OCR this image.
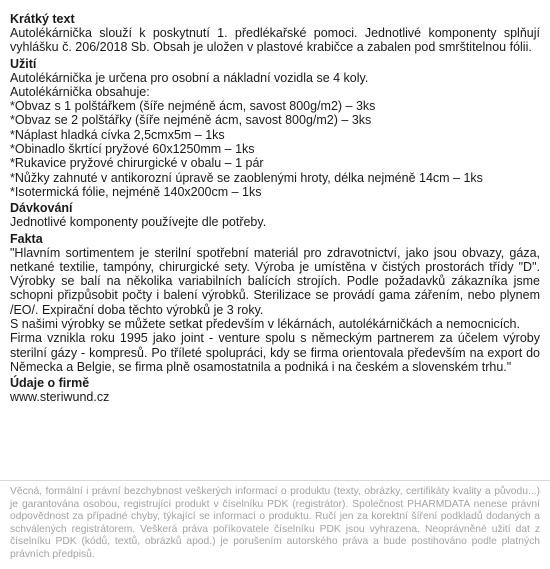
Krátký text

Autolékárnička slouží k poskytnutí 1. předlékařské pomoci. Jednotlivé komponenty splňují vyhlášku č. 206/2018 Sb. Obsah je uložen v plastové krabičce a zabalen pod smrštitelnou fólii.

Užití

Autolékárnička je určena pro osobní a nákladní vozidla se 4 koly.

Autolékárnička obsahuje:

*Obvaz s 1 polštářkem (šíře nejméně ácm, savost 800g/m2) – 3ks

*Obvaz se 2 polštářky (šíře nejméně ácm, savost 800g/m2) – 3ks

*Náplast hladká cívka 2,5cmx5m – 1ks

*Obinadlo škrtící pryžové 60x1250mm – 1ks

*Rukavice pryžové chirurgické v obalu – 1 pár

*Nůžky zahnuté v antikorozní úpravě se zaoblenými hroty, délka nejméně 14cm – 1ks

*Isotermická fólie, nejméně 140x200cm – 1ks

Dávkování

Jednotlivé komponenty používejte dle potřeby.

Fakta

"Hlavním sortimentem je sterilní spotřební materiál pro zdravotnictví, jako jsou obvazy, gáza, netkané textilie, tampóny, chirurgické sety. Výroba je umístěna v čistých prostorách třídy "D". Výrobky se balí na několika variabilních balících strojích. Podle požadavků zákazníka jsme schopni přizpůsobit počty i balení výrobků. Sterilizace se provádí gama zářením, nebo plynem /EO/. Expirační doba těchto výrobků je 3 roky.

S našimi výrobky se můžete setkat především v lékárnách, autolékárničkách a nemocnicích.

Firma vznikla roku 1995 jako joint - venture spolu s německým partnerem za účelem výroby sterilní gázy - kompresů. Po tříleté spolupráci, kdy se firma orientovala především na export do Německa a Belgie, se firma plně osamostatnila a podniká i na českém a slovenském trhu."

Údaje o firmě

www.steriwund.cz

Věcná, formální i právní bezchybnost veškerých informací o produktu (texty, obrázky, certifikáty kvality a původu...) je garantována osobou, registrující produkt v číselníku PDK (registrátor). Společnost PHARMDATA nenese právní odpovědnost za případné chyby, týkající se informací o produktu. Ručí jen za korektní šíření podkladů dodaných a schválených registrátorem. Veškerá práva poříkovatele číselníku PDK jsou vyhrazena. Neoprávněné užití dat z číselníku PDK (kódů, textů, obrázků apod.) je porušením autorského práva a bude postihováno podle platných právních předpisů.
